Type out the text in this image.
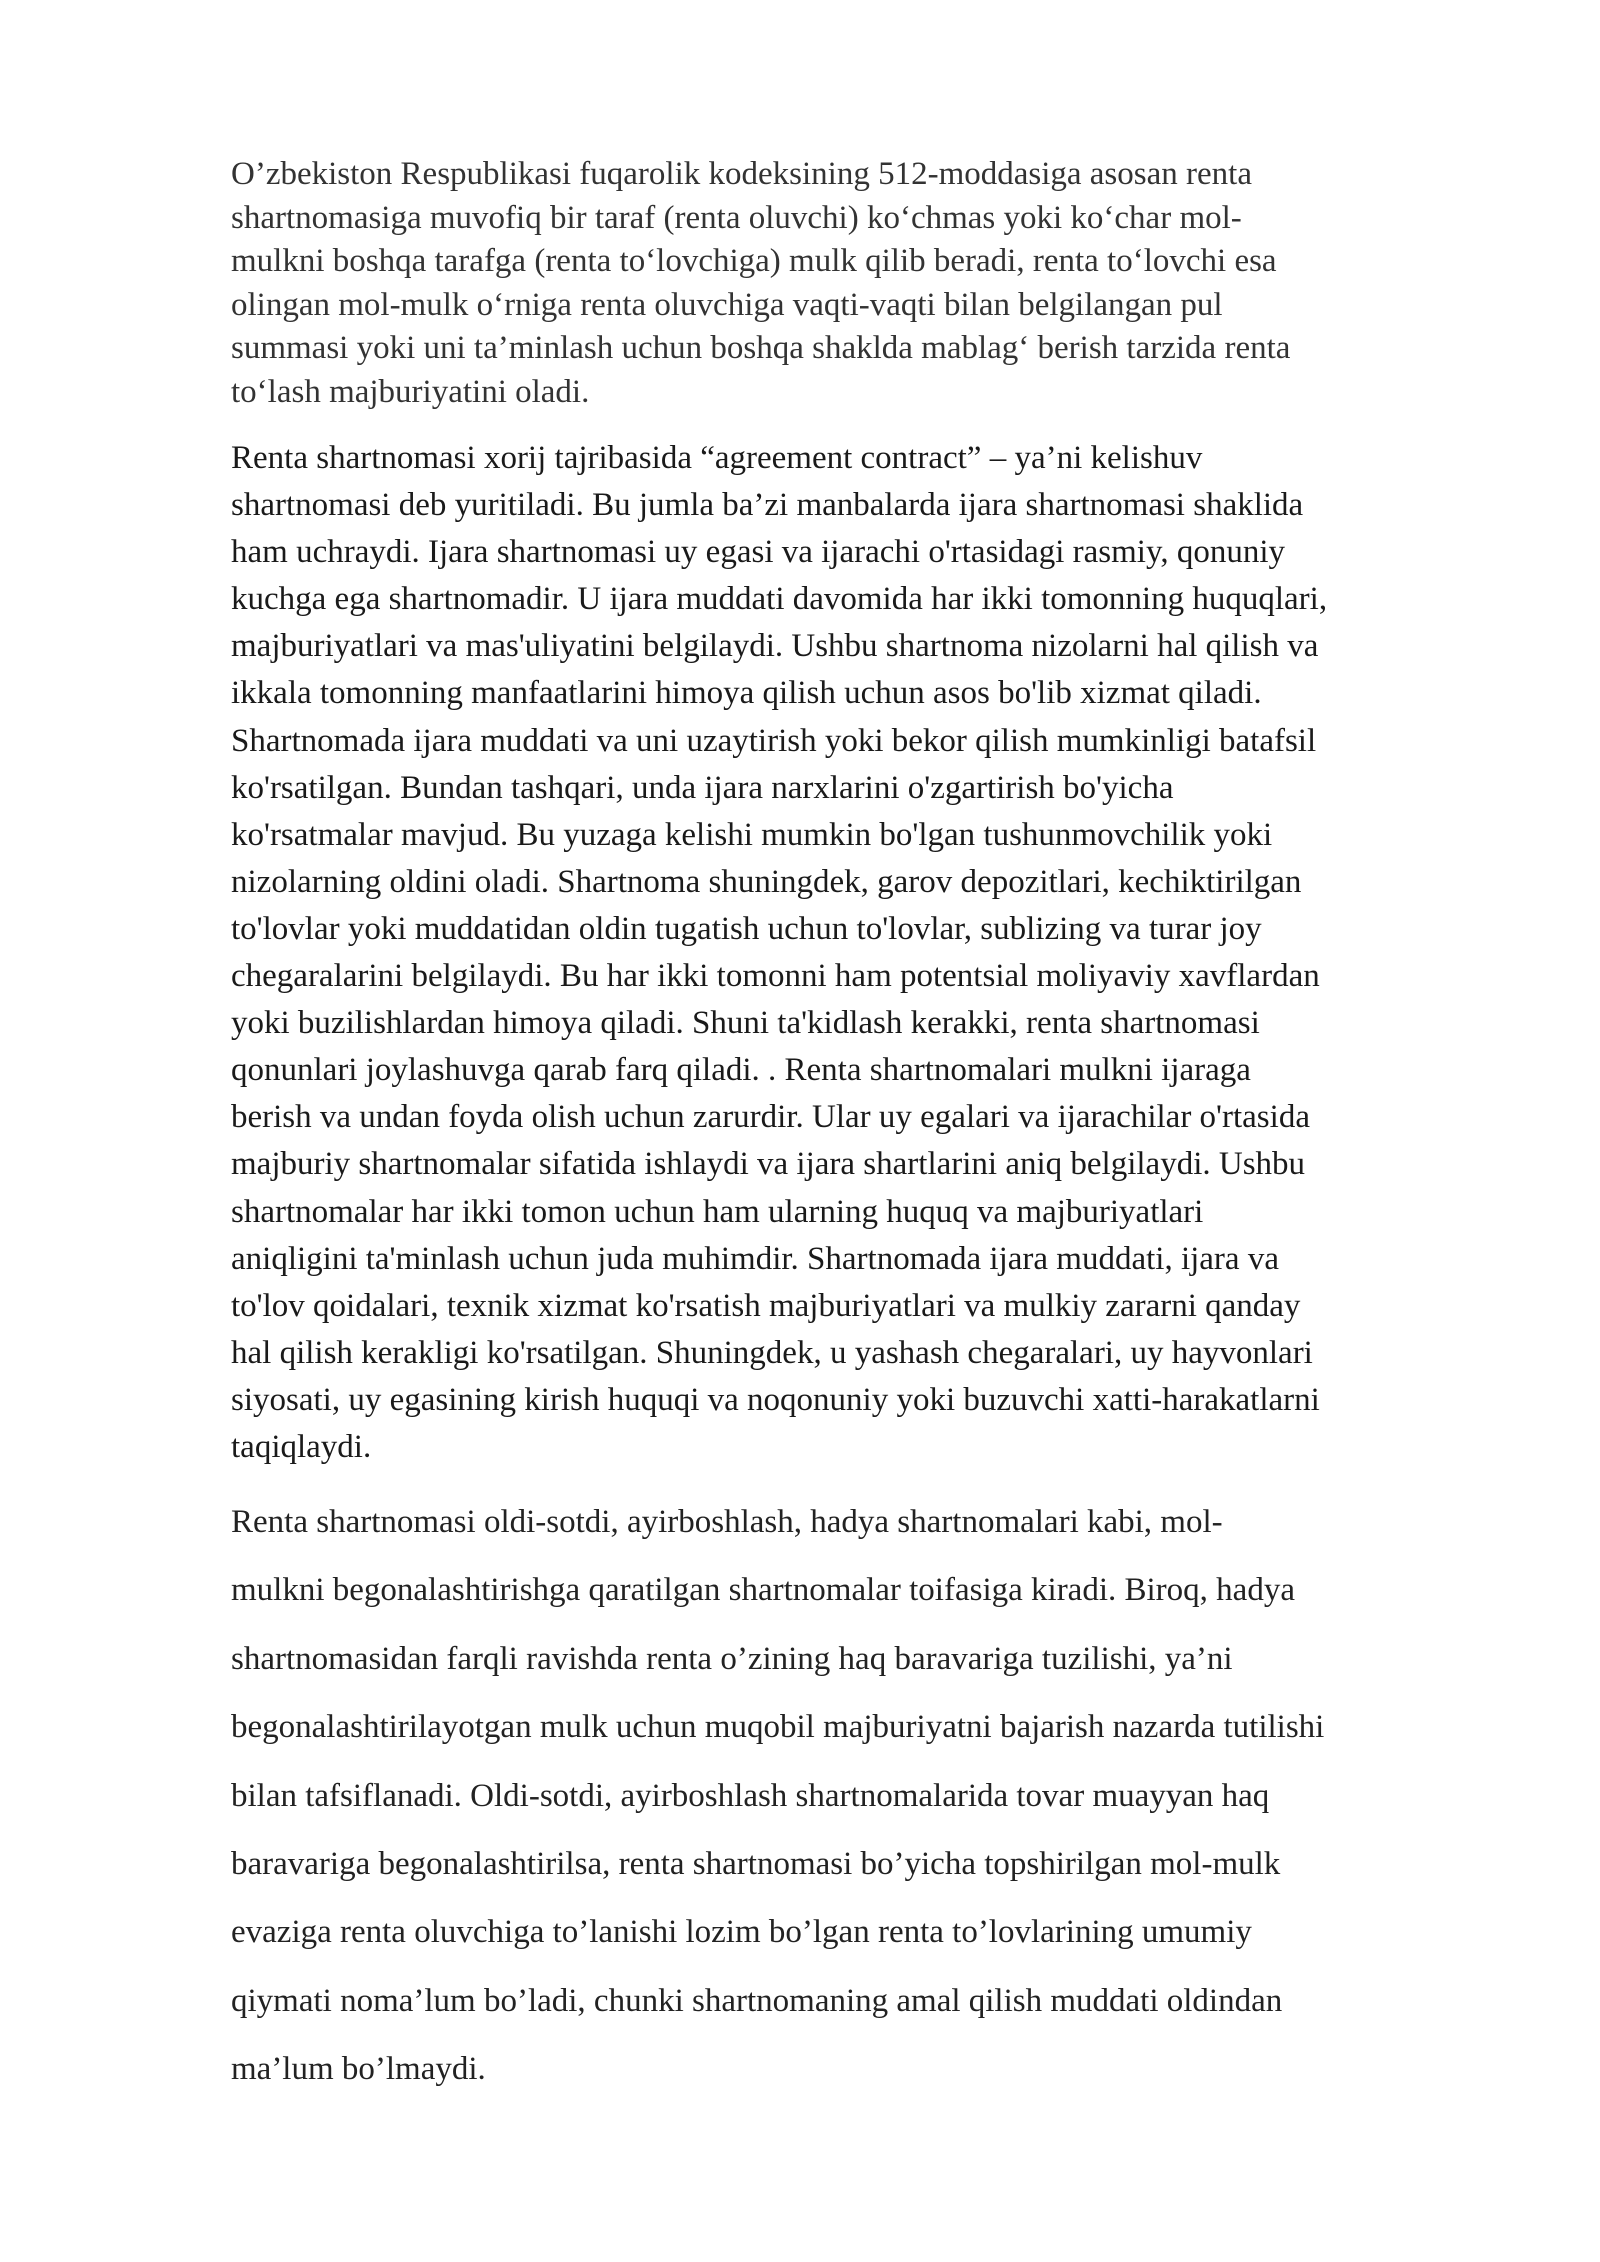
O’zbekiston Respublikasi fuqarolik kodeksining 512-moddasiga asosan renta
shartnomasiga muvofiq bir taraf (renta oluvchi) ko‘chmas yoki ko‘char mol-
mulkni boshqa tarafga (renta to‘lovchiga) mulk qilib beradi, renta to‘lovchi esa
olingan mol-mulk o‘rniga renta oluvchiga vaqti-vaqti bilan belgilangan pul
summasi yoki uni ta’minlash uchun boshqa shaklda mablag‘ berish tarzida renta
to‘lash majburiyatini oladi.

Renta shartnomasi xorij tajribasida “agreement contract” – ya’ni kelishuv
shartnomasi deb yuritiladi. Bu jumla ba’zi manbalarda ijara shartnomasi shaklida
ham uchraydi. Ijara shartnomasi uy egasi va ijarachi o'rtasidagi rasmiy, qonuniy
kuchga ega shartnomadir. U ijara muddati davomida har ikki tomonning huquqlari,
majburiyatlari va mas'uliyatini belgilaydi. Ushbu shartnoma nizolarni hal qilish va
ikkala tomonning manfaatlarini himoya qilish uchun asos bo'lib xizmat qiladi.
Shartnomada ijara muddati va uni uzaytirish yoki bekor qilish mumkinligi batafsil
ko'rsatilgan. Bundan tashqari, unda ijara narxlarini o'zgartirish bo'yicha
ko'rsatmalar mavjud. Bu yuzaga kelishi mumkin bo'lgan tushunmovchilik yoki
nizolarning oldini oladi. Shartnoma shuningdek, garov depozitlari, kechiktirilgan
to'lovlar yoki muddatidan oldin tugatish uchun to'lovlar, sublizing va turar joy
chegaralarini belgilaydi. Bu har ikki tomonni ham potentsial moliyaviy xavflardan
yoki buzilishlardan himoya qiladi. Shuni ta'kidlash kerakki, renta shartnomasi
qonunlari joylashuvga qarab farq qiladi. . Renta shartnomalari mulkni ijaraga
berish va undan foyda olish uchun zarurdir. Ular uy egalari va ijarachilar o'rtasida
majburiy shartnomalar sifatida ishlaydi va ijara shartlarini aniq belgilaydi. Ushbu
shartnomalar har ikki tomon uchun ham ularning huquq va majburiyatlari
aniqligini ta'minlash uchun juda muhimdir. Shartnomada ijara muddati, ijara va
to'lov qoidalari, texnik xizmat ko'rsatish majburiyatlari va mulkiy zararni qanday
hal qilish kerakligi ko'rsatilgan. Shuningdek, u yashash chegaralari, uy hayvonlari
siyosati, uy egasining kirish huquqi va noqonuniy yoki buzuvchi xatti-harakatlarni
taqiqlaydi.

Renta shartnomasi oldi-sotdi, ayirboshlash, hadya shartnomalari kabi, mol-
mulkni begonalashtirishga qaratilgan shartnomalar toifasiga kiradi. Biroq, hadya
shartnomasidan farqli ravishda renta o’zining haq baravariga tuzilishi, ya’ni
begonalashtirilayotgan mulk uchun muqobil majburiyatni bajarish nazarda tutilishi
bilan tafsiflanadi. Oldi-sotdi, ayirboshlash shartnomalarida tovar muayyan haq
baravariga begonalashtirilsa, renta shartnomasi bo’yicha topshirilgan mol-mulk
evaziga renta oluvchiga to’lanishi lozim bo’lgan renta to’lovlarining umumiy
qiymati noma’lum bo’ladi, chunki shartnomaning amal qilish muddati oldindan
ma’lum bo’lmaydi.
